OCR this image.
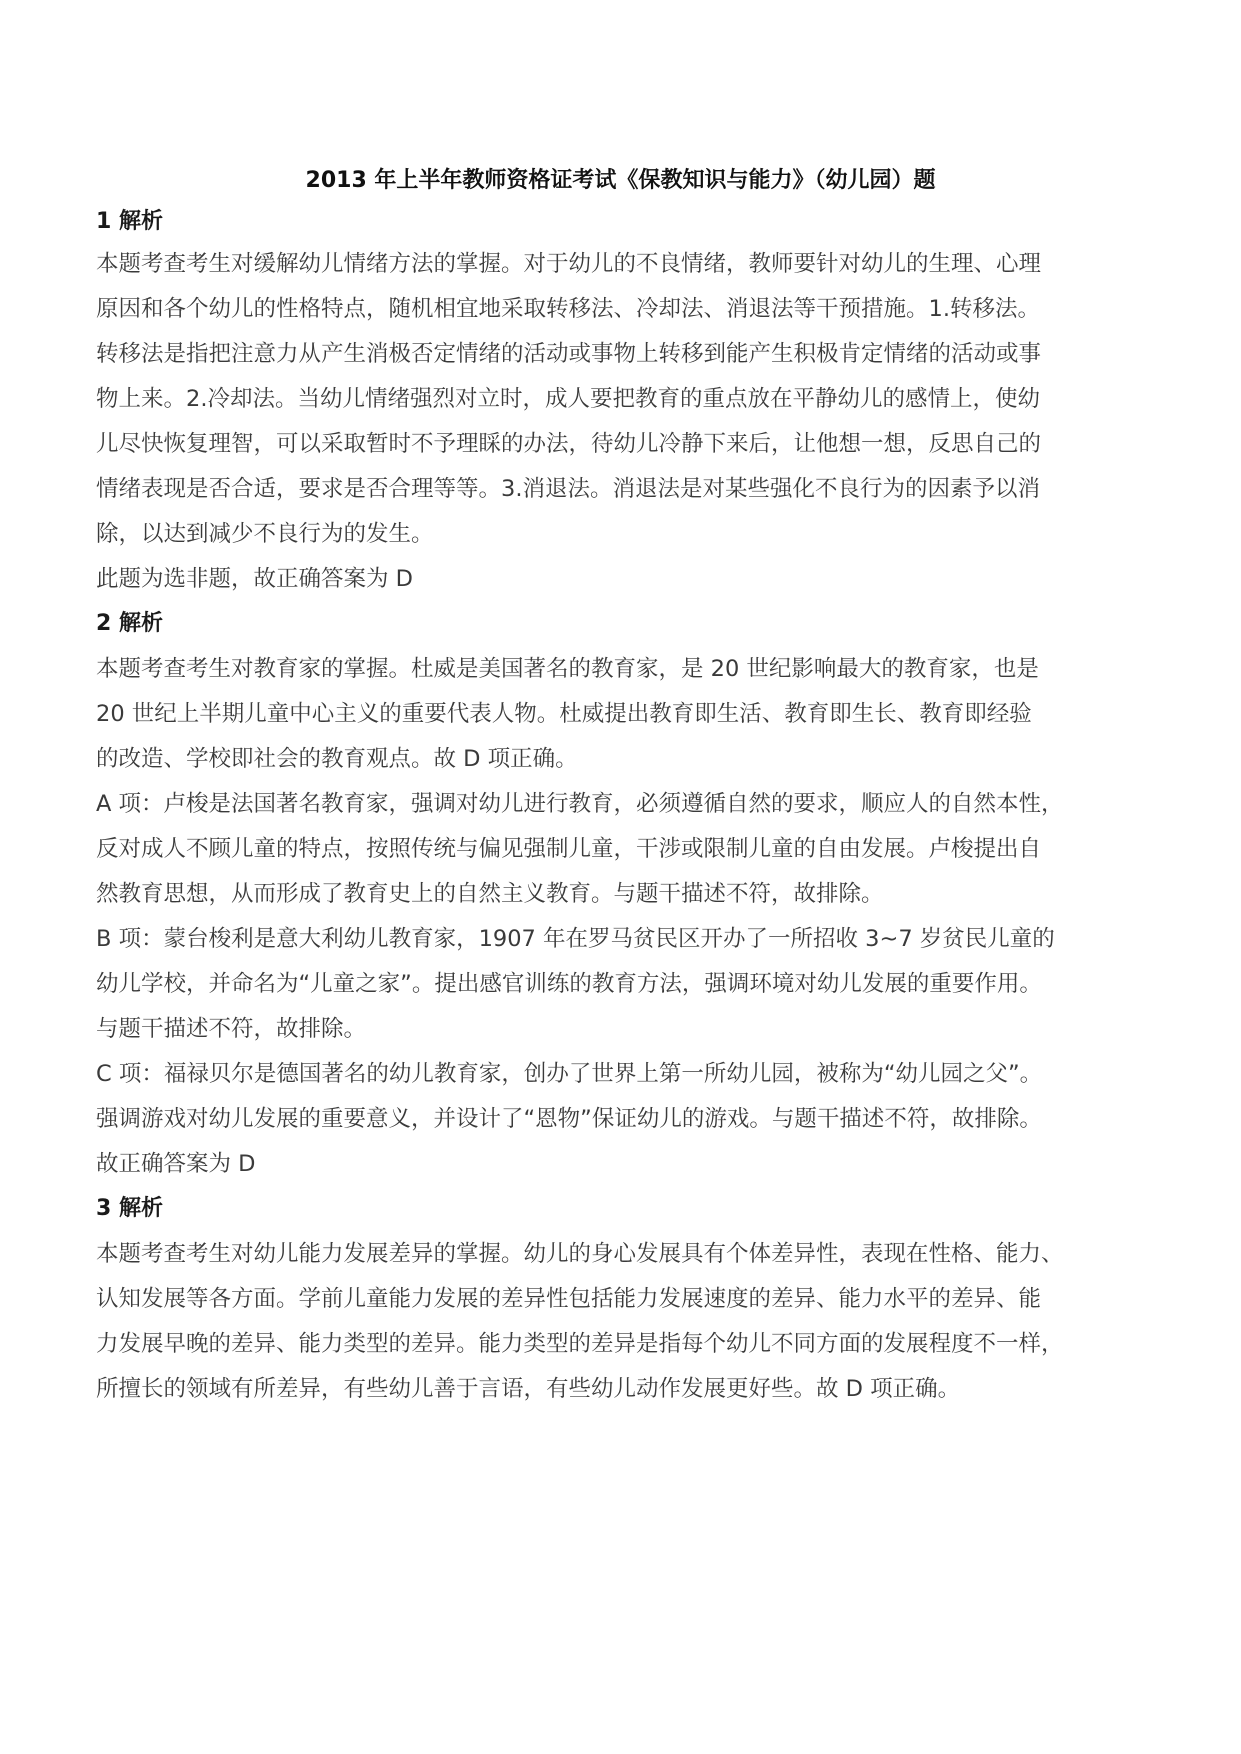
2013 年上半年教师资格证考试《保教知识与能力》（幼儿园）题
1 解析
本题考查考生对缓解幼儿情绪方法的掌握。对于幼儿的不良情绪，教师要针对幼儿的生理、心理
原因和各个幼儿的性格特点，随机相宜地采取转移法、冷却法、消退法等干预措施。1.转移法。
转移法是指把注意力从产生消极否定情绪的活动或事物上转移到能产生积极肯定情绪的活动或事
物上来。2.冷却法。当幼儿情绪强烈对立时，成人要把教育的重点放在平静幼儿的感情上，使幼
儿尽快恢复理智，可以采取暂时不予理睬的办法，待幼儿冷静下来后，让他想一想，反思自己的
情绪表现是否合适，要求是否合理等等。3.消退法。消退法是对某些强化不良行为的因素予以消
除，以达到减少不良行为的发生。
此题为选非题，故正确答案为 D
2 解析
本题考查考生对教育家的掌握。杜威是美国著名的教育家，是 20 世纪影响最大的教育家，也是
20 世纪上半期儿童中心主义的重要代表人物。杜威提出教育即生活、教育即生长、教育即经验
的改造、学校即社会的教育观点。故 D 项正确。
A 项：卢梭是法国著名教育家，强调对幼儿进行教育，必须遵循自然的要求，顺应人的自然本性，
反对成人不顾儿童的特点，按照传统与偏见强制儿童，干涉或限制儿童的自由发展。卢梭提出自
然教育思想，从而形成了教育史上的自然主义教育。与题干描述不符，故排除。
B 项：蒙台梭利是意大利幼儿教育家，1907 年在罗马贫民区开办了一所招收 3~7 岁贫民儿童的
幼儿学校，并命名为“儿童之家”。提出感官训练的教育方法，强调环境对幼儿发展的重要作用。
与题干描述不符，故排除。
C 项：福禄贝尔是德国著名的幼儿教育家，创办了世界上第一所幼儿园，被称为“幼儿园之父”。
强调游戏对幼儿发展的重要意义，并设计了“恩物”保证幼儿的游戏。与题干描述不符，故排除。
故正确答案为 D
3 解析
本题考查考生对幼儿能力发展差异的掌握。幼儿的身心发展具有个体差异性，表现在性格、能力、
认知发展等各方面。学前儿童能力发展的差异性包括能力发展速度的差异、能力水平的差异、能
力发展早晚的差异、能力类型的差异。能力类型的差异是指每个幼儿不同方面的发展程度不一样，
所擅长的领域有所差异，有些幼儿善于言语，有些幼儿动作发展更好些。故 D 项正确。
